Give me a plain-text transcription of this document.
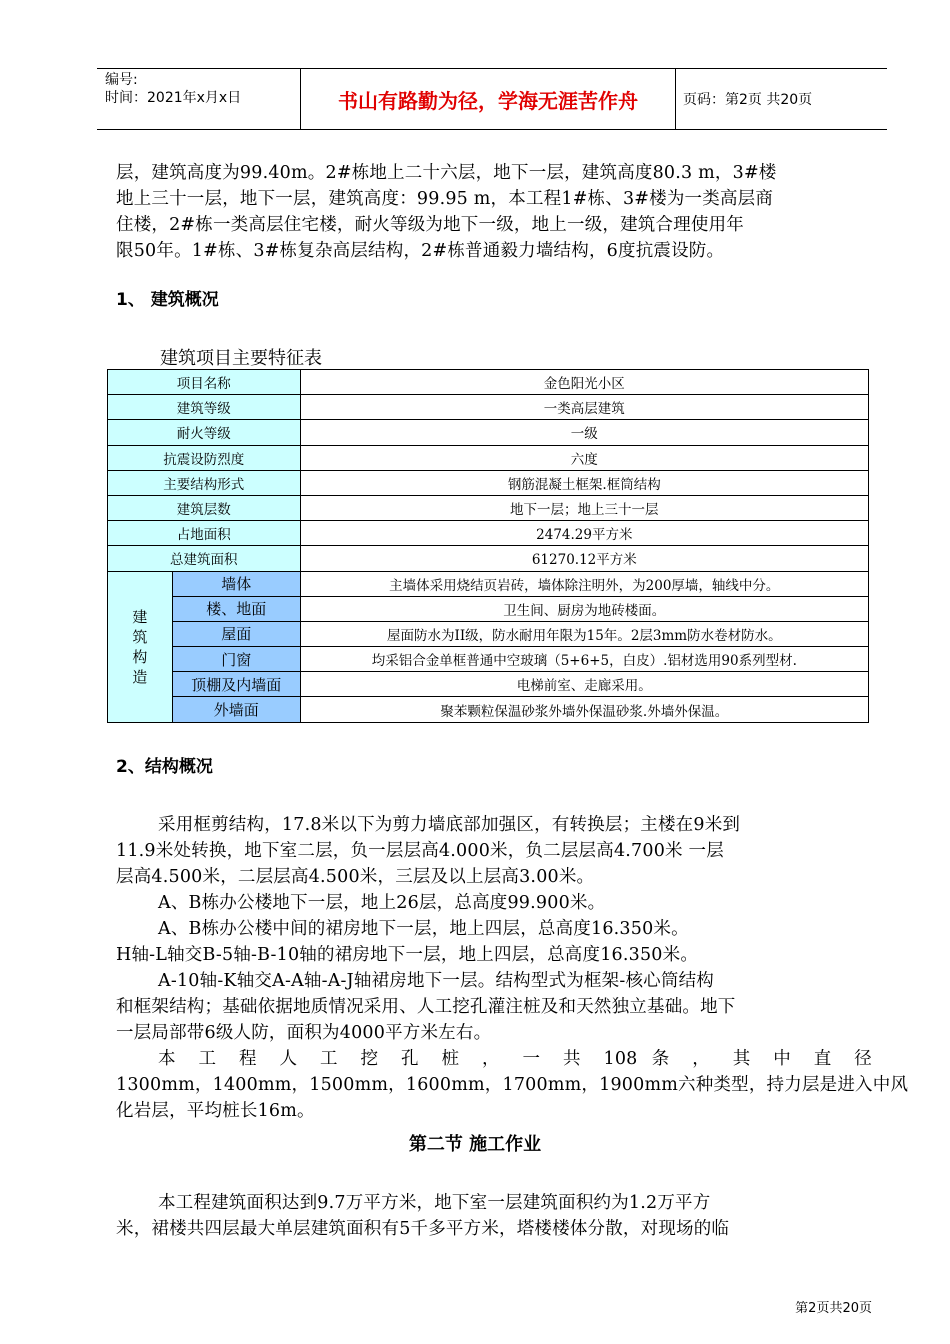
编号:
时间：2021年x月x日	书山有路勤为径，学海无涯苦作舟	页码：第2页 共20页
层，建筑高度为99.40m。2#栋地上二十六层，地下一层，建筑高度80.3 m，3#楼
地上三十一层，地下一层，建筑高度：99.95 m，本工程1#栋、3#楼为一类高层商
住楼，2#栋一类高层住宅楼，耐火等级为地下一级，地上一级，建筑合理使用年
限50年。1#栋、3#栋复杂高层结构，2#栋普通毅力墙结构，6度抗震设防。
1、 建筑概况
建筑项目主要特征表
项目名称		金色阳光小区
建筑等级		一类高层建筑
耐火等级		一级
抗震设防烈度		六度
主要结构形式		钢筋混凝土框架.框筒结构
建筑层数		地下一层；地上三十一层
占地面积		2474.29平方米
总建筑面积		61270.12平方米

建
筑
构
造	墙体	主墙体采用烧结页岩砖，墙体除注明外，为200厚墙，轴线中分。
	楼、地面	卫生间、厨房为地砖楼面。
	屋面	屋面防水为II级，防水耐用年限为15年。2层3mm防水卷材防水。
	门窗	均采铝合金单框普通中空玻璃（5+6+5，白皮）.铝材选用90系列型材.
	顶棚及内墙面	电梯前室、走廊采用。
	外墙面	聚苯颗粒保温砂浆外墙外保温砂浆.外墙外保温。
2、结构概况
采用框剪结构，17.8米以下为剪力墙底部加强区，有转换层；主楼在9米到
11.9米处转换，地下室二层，负一层层高4.000米，负二层层高4.700米 一层
层高4.500米，二层层高4.500米，三层及以上层高3.00米。
A、B栋办公楼地下一层，地上26层，总高度99.900米。
A、B栋办公楼中间的裙房地下一层，地上四层，总高度16.350米。
H轴-L轴交B-5轴-B-10轴的裙房地下一层，地上四层，总高度16.350米。
A-10轴-K轴交A-A轴-A-J轴裙房地下一层。结构型式为框架-核心筒结构
和框架结构；基础依据地质情况采用、人工挖孔灌注桩及和天然独立基础。地下
一层局部带6级人防，面积为4000平方米左右。
本 工 程 人 工 挖 孔 桩 ， 一 共 108 条 ， 其 中 直 径
1300mm，1400mm，1500mm，1600mm，1700mm，1900mm六种类型，持力层是进入中风
化岩层，平均桩长16m。
第二节 施工作业
本工程建筑面积达到9.7万平方米，地下室一层建筑面积约为1.2万平方
米，裙楼共四层最大单层建筑面积有5千多平方米，塔楼楼体分散，对现场的临
第2页共20页
